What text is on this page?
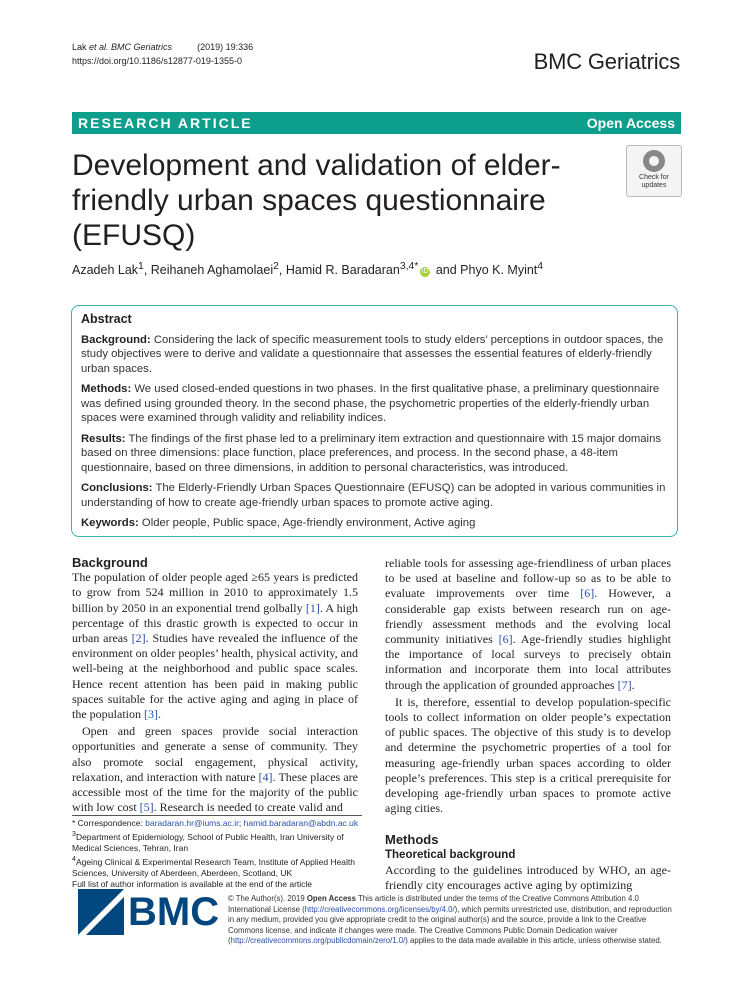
Lak et al. BMC Geriatrics	(2019) 19:336
https://doi.org/10.1186/s12877-019-1355-0	BMC Geriatrics
RESEARCH ARTICLE	Open Access
Development and validation of elder-friendly urban spaces questionnaire (EFUSQ)
Check for
updates
Azadeh Lak$^1$, Reihaneh Aghamolaei$^2$, Hamid R. Baradaran$^{3,4*}$ iD and Phyo K. Myint$^4$
Abstract

Background: Considering the lack of specific measurement tools to study elders’ perceptions in outdoor spaces, the study objectives were to derive and validate a questionnaire that assesses the essential features of elderly-friendly urban spaces.

Methods: We used closed-ended questions in two phases. In the first qualitative phase, a preliminary questionnaire was defined using grounded theory. In the second phase, the psychometric properties of the elderly-friendly urban spaces were examined through validity and reliability indices.

Results: The findings of the first phase led to a preliminary item extraction and questionnaire with 15 major domains based on three dimensions: place function, place preferences, and process. In the second phase, a 48-item questionnaire, based on three dimensions, in addition to personal characteristics, was introduced.

Conclusions: The Elderly-Friendly Urban Spaces Questionnaire (EFUSQ) can be adopted in various communities in understanding of how to create age-friendly urban spaces to promote active aging.

Keywords: Older people, Public space, Age-friendly environment, Active aging

Background

The population of older people aged ≥65 years is predicted to grow from 524 million in 2010 to approximately 1.5 billion by 2050 in an exponential trend golbally [1]. A high percentage of this drastic growth is expected to occur in urban areas [2]. Studies have revealed the influence of the environment on older peoples’ health, physical activity, and well-being at the neighborhood and public space scales. Hence recent attention has been paid in making public spaces suitable for the active aging and aging in place of the population [3].

Open and green spaces provide social interaction opportunities and generate a sense of community. They also promote social engagement, physical activity, relaxation, and interaction with nature [4]. These places are accessible most of the time for the majority of the public with low cost [5]. Research is needed to create valid and

reliable tools for assessing age-friendliness of urban places to be used at baseline and follow-up so as to be able to evaluate improvements over time [6]. However, a considerable gap exists between research run on age-friendly assessment methods and the evolving local community initiatives [6]. Age-friendly studies highlight the importance of local surveys to precisely obtain information and incorporate them into local attributes through the application of grounded approaches [7].

It is, therefore, essential to develop population-specific tools to collect information on older people’s expectation of public spaces. The objective of this study is to develop and determine the psychometric properties of a tool for measuring age-friendly urban spaces according to older people’s preferences. This step is a critical prerequisite for developing age-friendly urban spaces to promote active aging cities.

Methods
Theoretical background

According to the guidelines introduced by WHO, an age-friendly city encourages active aging by optimizing

* Correspondence: baradaran.hr@iums.ac.ir; hamid.baradaran@abdn.ac.uk
$^3$Department of Epidemiology, School of Public Health, Iran University of Medical Sciences, Tehran, Iran
$^4$Ageing Clinical & Experimental Research Team, Institute of Applied Health Sciences, University of Aberdeen, Aberdeen, Scotland, UK
Full list of author information is available at the end of the article
BMC © The Author(s). 2019 Open Access This article is distributed under the terms of the Creative Commons Attribution 4.0 International License (http://creativecommons.org/licenses/by/4.0/), which permits unrestricted use, distribution, and reproduction in any medium, provided you give appropriate credit to the original author(s) and the source, provide a link to the Creative Commons license, and indicate if changes were made. The Creative Commons Public Domain Dedication waiver (http://creativecommons.org/publicdomain/zero/1.0/) applies to the data made available in this article, unless otherwise stated.
